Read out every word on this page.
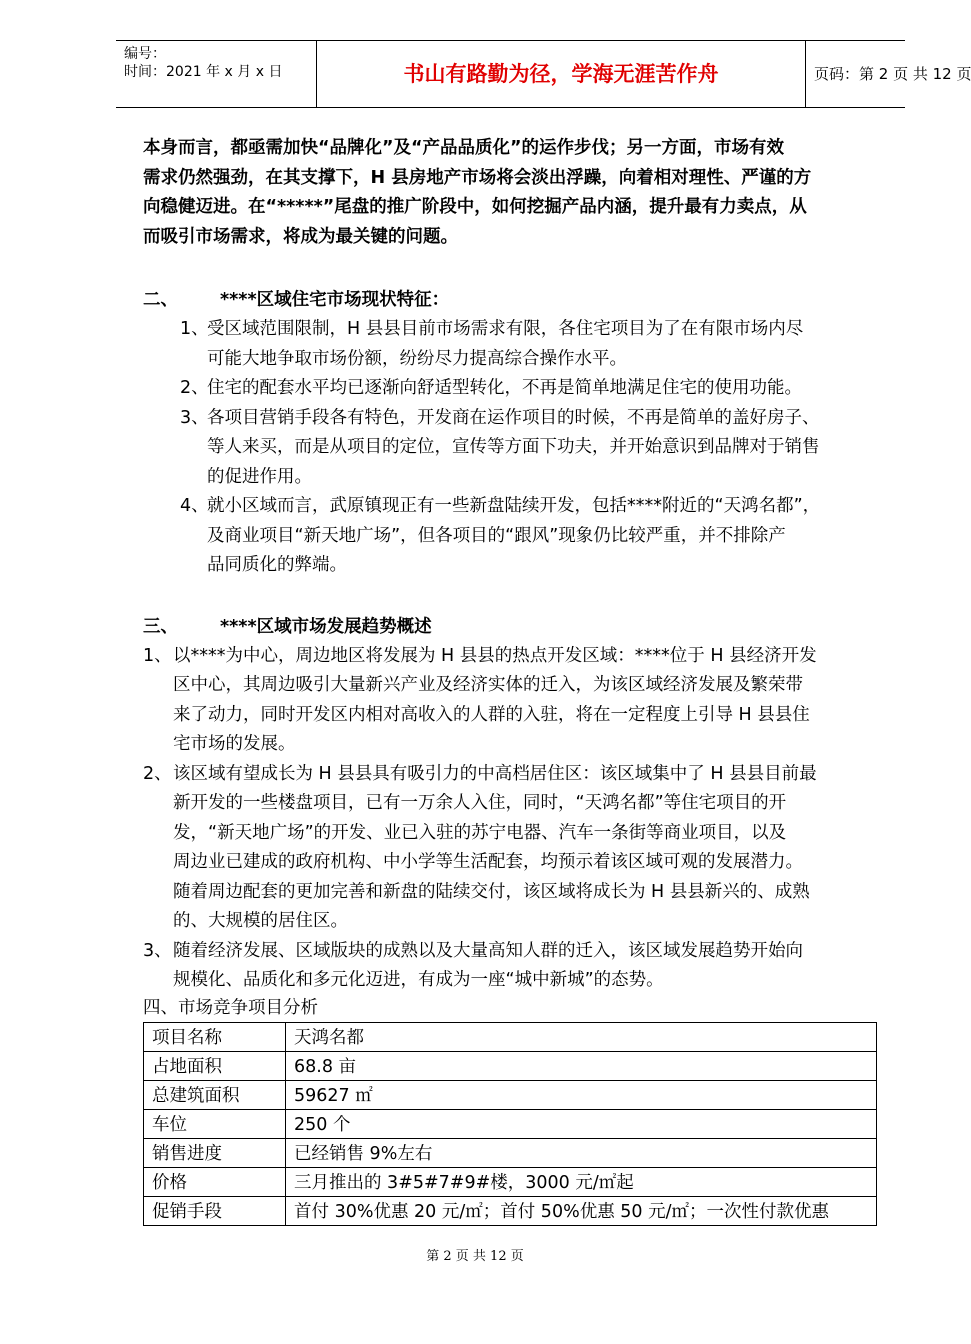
编号：
时间：2021 年 x 月 x 日	书山有路勤为径，学海无涯苦作舟	页码：第 2 页 共 12 页
本身而言，都亟需加快“品牌化”及“产品品质化”的运作步伐；另一方面，市场有效
需求仍然强劲，在其支撑下，H 县房地产市场将会淡出浮躁，向着相对理性、严谨的方
向稳健迈进。在“*****”尾盘的推广阶段中，如何挖掘产品内涵，提升最有力卖点，从
而吸引市场需求，将成为最关键的问题。
二、 ****区域住宅市场现状特征：
1、
受区域范围限制，H 县县目前市场需求有限，各住宅项目为了在有限市场内尽
可能大地争取市场份额，纷纷尽力提高综合操作水平。
2、
住宅的配套水平均已逐渐向舒适型转化，不再是简单地满足住宅的使用功能。
3、
各项目营销手段各有特色，开发商在运作项目的时候，不再是简单的盖好房子、
等人来买，而是从项目的定位，宣传等方面下功夫，并开始意识到品牌对于销售
的促进作用。
4、
就小区域而言，武原镇现正有一些新盘陆续开发，包括****附近的“天鸿名都”，
及商业项目“新天地广场”，但各项目的“跟风”现象仍比较严重，并不排除产
品同质化的弊端。
三、 ****区域市场发展趋势概述
1、 以****为中心，周边地区将发展为 H 县县的热点开发区域：****位于 H 县经济开发
区中心，其周边吸引大量新兴产业及经济实体的迁入，为该区域经济发展及繁荣带
来了动力，同时开发区内相对高收入的人群的入驻，将在一定程度上引导 H 县县住
宅市场的发展。
2、 该区域有望成长为 H 县县具有吸引力的中高档居住区：该区域集中了 H 县县目前最
新开发的一些楼盘项目，已有一万余人入住，同时，“天鸿名都”等住宅项目的开
发，“新天地广场”的开发、业已入驻的苏宁电器、汽车一条街等商业项目，以及
周边业已建成的政府机构、中小学等生活配套，均预示着该区域可观的发展潜力。
随着周边配套的更加完善和新盘的陆续交付，该区域将成长为 H 县县新兴的、成熟
的、大规模的居住区。
3、 随着经济发展、区域版块的成熟以及大量高知人群的迁入，该区域发展趋势开始向
规模化、品质化和多元化迈进，有成为一座“城中新城”的态势。
四、市场竞争项目分析
项目名称	天鸿名都
占地面积	68.8 亩
总建筑面积	59627 ㎡
车位	250 个
销售进度	已经销售 9%左右
价格	三月推出的 3#5#7#9#楼，3000 元/㎡起
促销手段	首付 30%优惠 20 元/㎡；首付 50%优惠 50 元/㎡；一次性付款优惠
第 2 页 共 12 页
